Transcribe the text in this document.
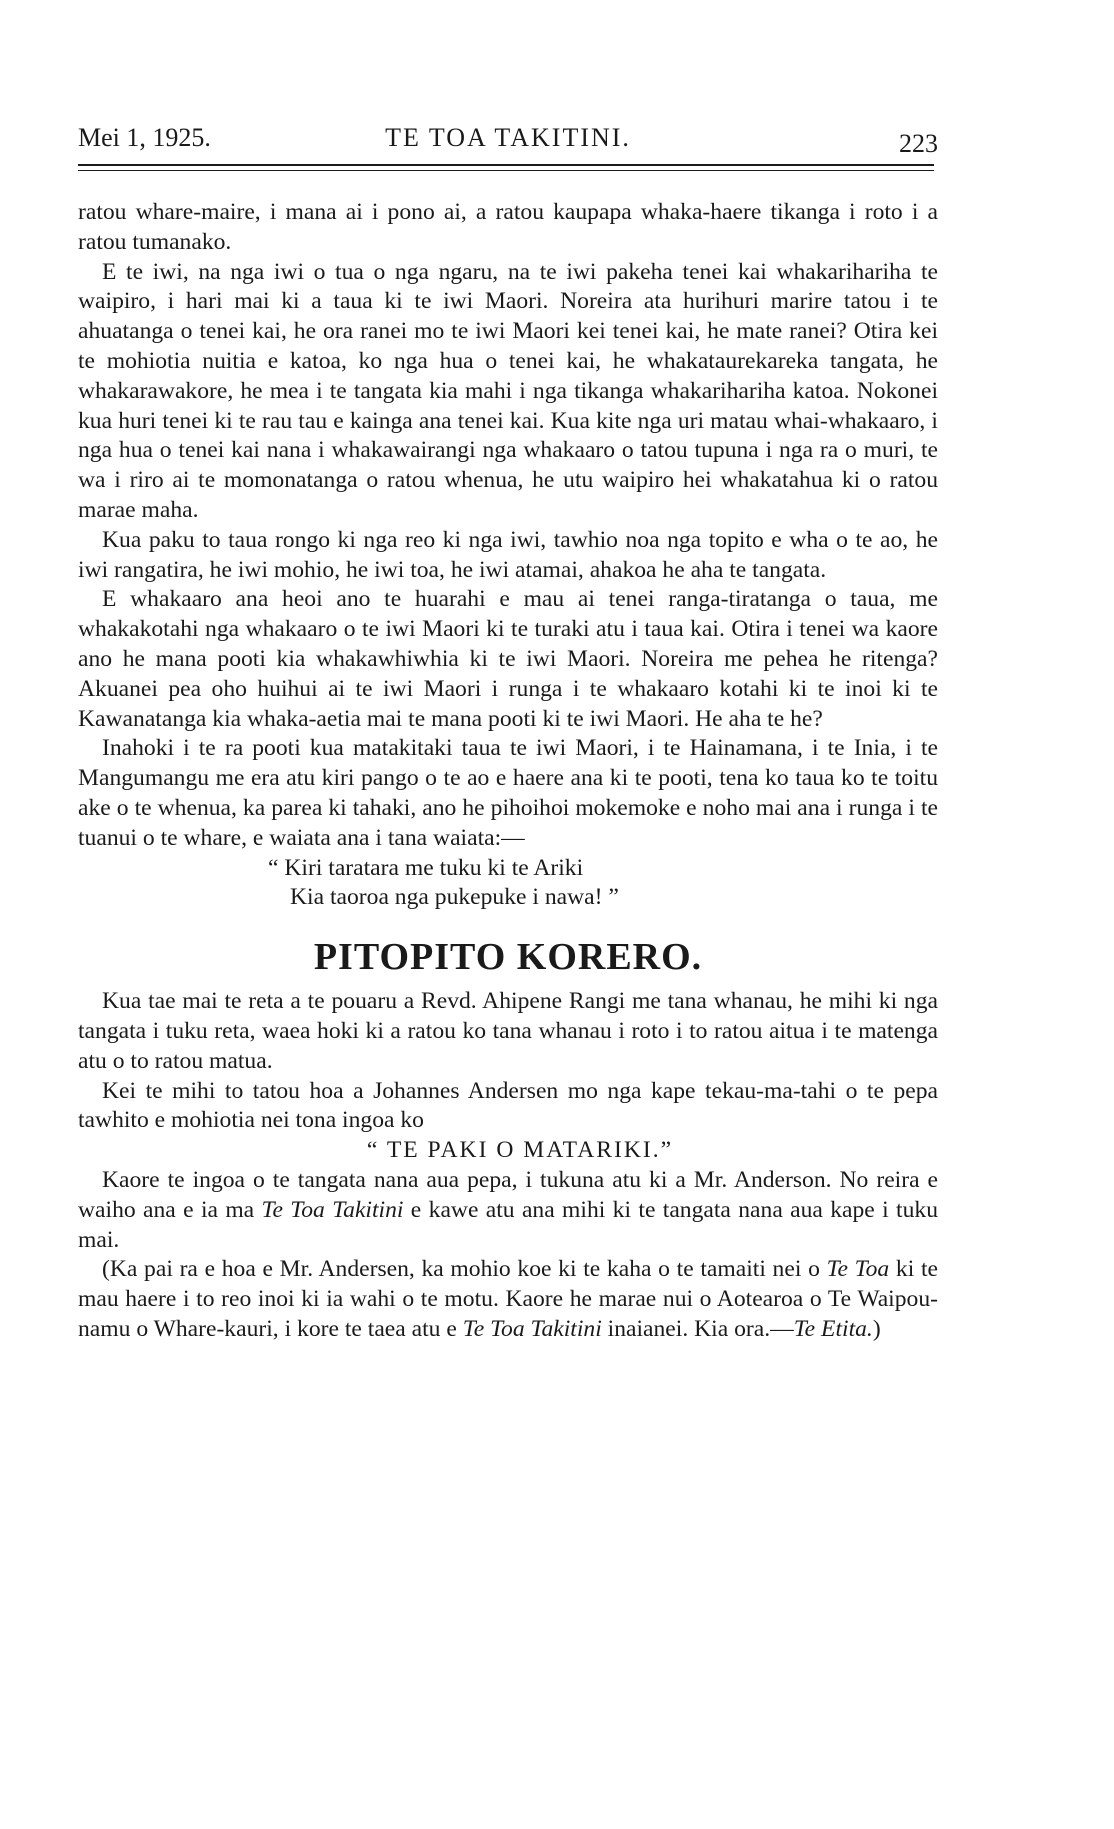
Mei 1, 1925.	TE TOA TAKITINI.	223

ratou whare-maire, i mana ai i pono ai, a ratou kaupapa whaka-haere tikanga i roto i a ratou tumanako.

E te iwi, na nga iwi o tua o nga ngaru, na te iwi pakeha tenei kai whakarihariha te waipiro, i hari mai ki a taua ki te iwi Maori. Noreira ata hurihuri marire tatou i te ahuatanga o tenei kai, he ora ranei mo te iwi Maori kei tenei kai, he mate ranei? Otira kei te mohiotia nuitia e katoa, ko nga hua o tenei kai, he whakataurekareka tangata, he whakarawakore, he mea i te tangata kia mahi i nga tikanga whakarihariha katoa. Nokonei kua huri tenei ki te rau tau e kainga ana tenei kai. Kua kite nga uri matau whai-whakaaro, i nga hua o tenei kai nana i whakawairangi nga whakaaro o tatou tupuna i nga ra o muri, te wa i riro ai te momonatanga o ratou whenua, he utu waipiro hei whakatahua ki o ratou marae maha.

Kua paku to taua rongo ki nga reo ki nga iwi, tawhio noa nga topito e wha o te ao, he iwi rangatira, he iwi mohio, he iwi toa, he iwi atamai, ahakoa he aha te tangata.

E whakaaro ana heoi ano te huarahi e mau ai tenei ranga-tiratanga o taua, me whakakotahi nga whakaaro o te iwi Maori ki te turaki atu i taua kai. Otira i tenei wa kaore ano he mana pooti kia whakawhiwhia ki te iwi Maori. Noreira me pehea he ritenga? Akuanei pea oho huihui ai te iwi Maori i runga i te whakaaro kotahi ki te inoi ki te Kawanatanga kia whaka-aetia mai te mana pooti ki te iwi Maori. He aha te he?

Inahoki i te ra pooti kua matakitaki taua te iwi Maori, i te Hainamana, i te Inia, i te Mangumangu me era atu kiri pango o te ao e haere ana ki te pooti, tena ko taua ko te toitu ake o te whenua, ka parea ki tahaki, ano he pihoihoi mokemoke e noho mai ana i runga i te tuanui o te whare, e waiata ana i tana waiata:—

“ Kiri taratara me tuku ki te Ariki
Kia taoroa nga pukepuke i nawa! ”
PITOPITO KORERO.

Kua tae mai te reta a te pouaru a Revd. Ahipene Rangi me tana whanau, he mihi ki nga tangata i tuku reta, waea hoki ki a ratou ko tana whanau i roto i to ratou aitua i te matenga atu o to ratou matua.

Kei te mihi to tatou hoa a Johannes Andersen mo nga kape tekau-ma-tahi o te pepa tawhito e mohiotia nei tona ingoa ko

“ TE PAKI O MATARIKI.”

Kaore te ingoa o te tangata nana aua pepa, i tukuna atu ki a Mr. Anderson. No reira e waiho ana e ia ma Te Toa Takitini e kawe atu ana mihi ki te tangata nana aua kape i tuku mai.

(Ka pai ra e hoa e Mr. Andersen, ka mohio koe ki te kaha o te tamaiti nei o Te Toa ki te mau haere i to reo inoi ki ia wahi o te motu. Kaore he marae nui o Aotearoa o Te Waipou-namu o Whare-kauri, i kore te taea atu e Te Toa Takitini inaianei. Kia ora.—Te Etita.)
